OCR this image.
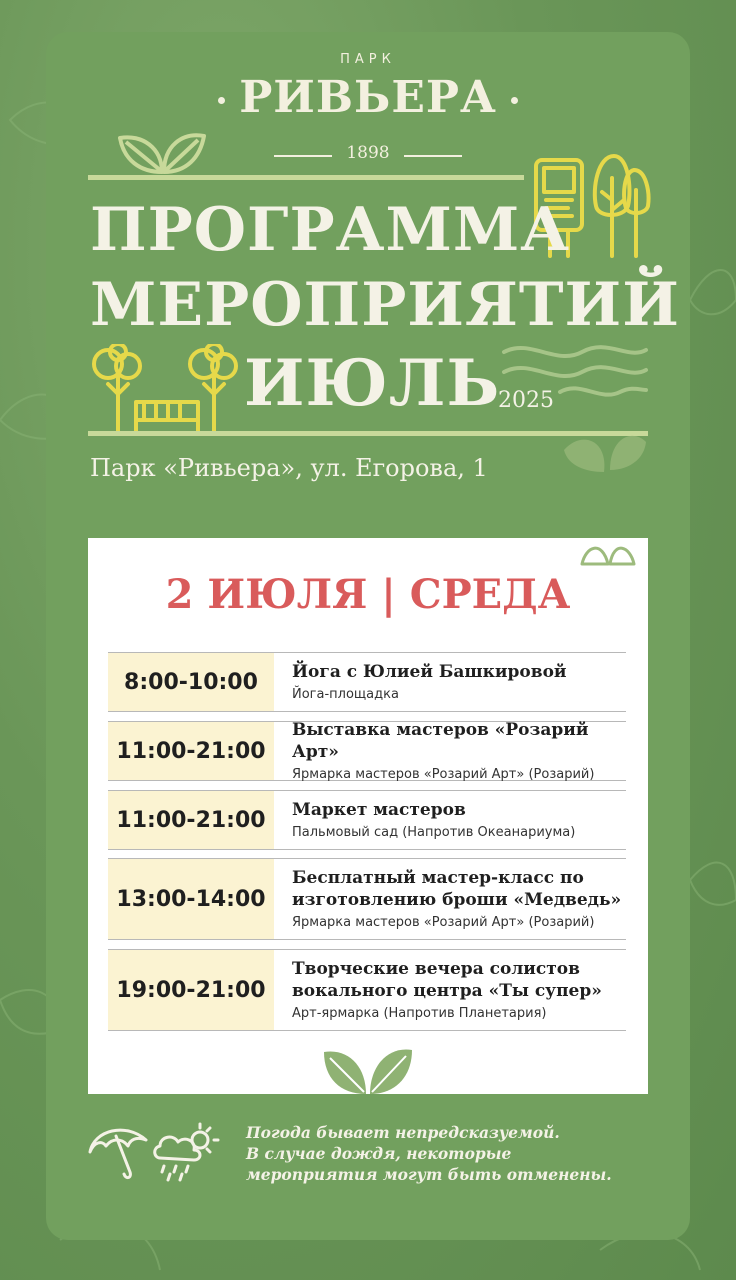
ПАРК
РИВЬЕРА
1898
ПРОГРАММА
МЕРОПРИЯТИЙ
ИЮЛЬ
2025
Парк «Ривьера», ул. Егорова, 1
2 ИЮЛЯ | СРЕДА
8:00-10:00	Йога с Юлией Башкировой
Йога-площадка
11:00-21:00
Выставка мастеров «Розарий Арт»
Ярмарка мастеров «Розарий Арт» (Розарий)
11:00-21:00	Маркет мастеров
Пальмовый сад (Напротив Океанариума)
13:00-14:00
Бесплатный мастер-класс по
изготовлению броши «Медведь»
Ярмарка мастеров «Розарий Арт» (Розарий)
19:00-21:00
Творческие вечера солистов
вокального центра «Ты супер»
Арт-ярмарка (Напротив Планетария)
Погода бывает непредсказуемой.
В случае дождя, некоторые
мероприятия могут быть отменены.
